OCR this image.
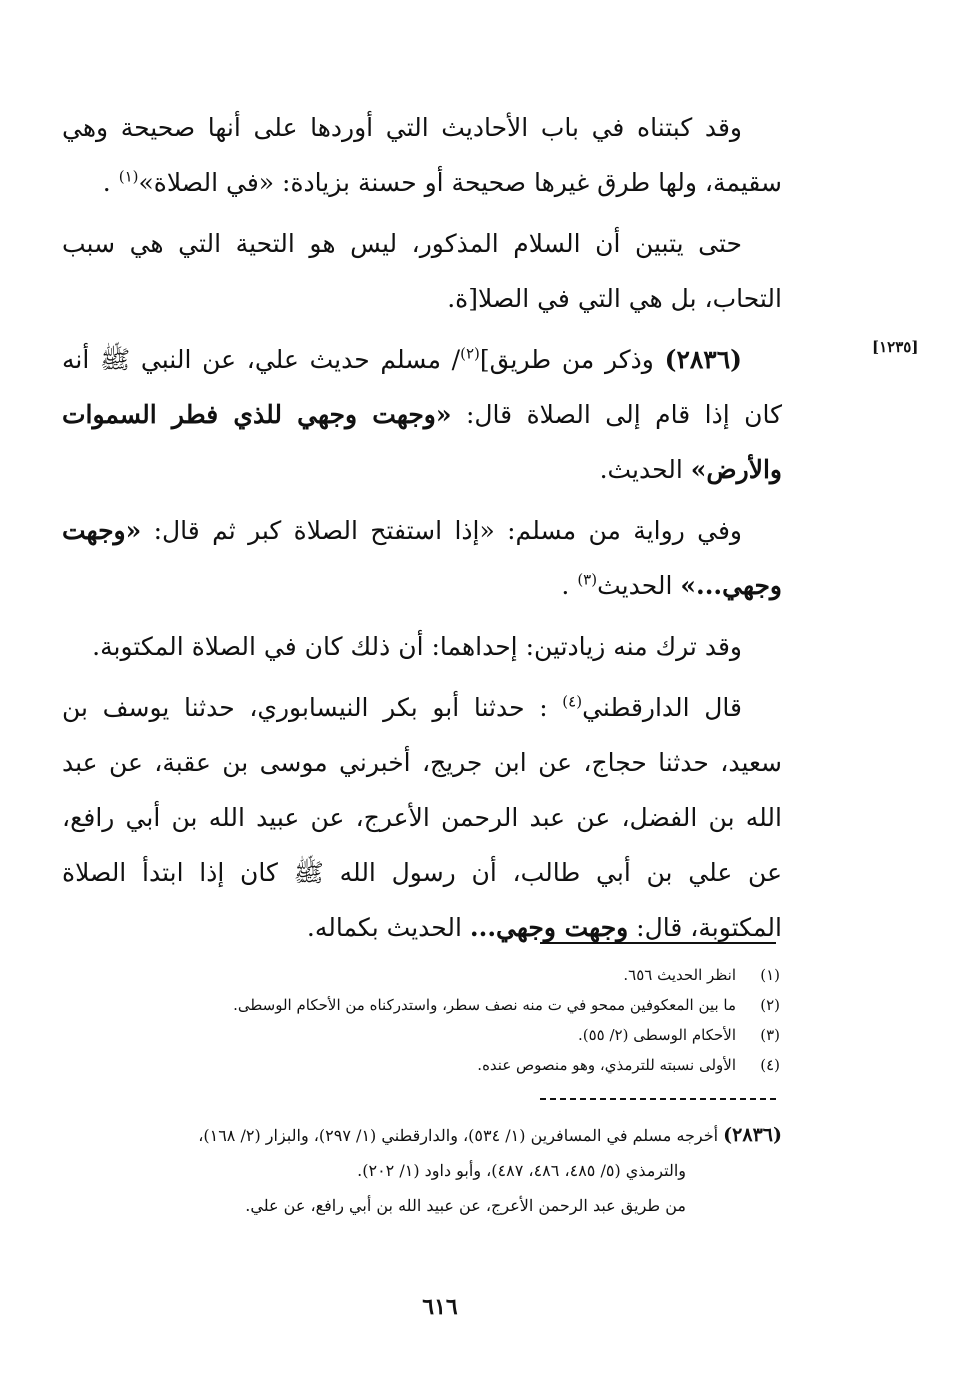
[١٢٣٥]

وقد كبتناه في باب الأحاديث التي أوردها على أنها صحيحة وهي سقيمة، ولها طرق غيرها صحيحة أو حسنة بزيادة: «في الصلاة»$^{(١)}$ .

حتى يتبين أن السلام المذكور، ليس هو التحية التي هي سبب التحاب، بل هي التي في الصلا[ة.

(٢٨٣٦) وذكر من طريق]$^{(٢)}$/ مسلم حديث علي، عن النبي ﷺ أنه كان إذا قام إلى الصلاة قال: «وجهت وجهي للذي فطر السموات والأرض» الحديث.

وفي رواية من مسلم: «إذا استفتح الصلاة كبر ثم قال: «وجهت وجهي...» الحديث$^{(٣)}$ .

وقد ترك منه زيادتين: إحداهما: أن ذلك كان في الصلاة المكتوبة.

قال الدارقطني$^{(٤)}$ : حدثنا أبو بكر النيسابوري، حدثنا يوسف بن سعيد، حدثنا حجاج، عن ابن جريج، أخبرني موسى بن عقبة، عن عبد الله بن الفضل، عن عبد الرحمن الأعرج، عن عبيد الله بن أبي رافع، عن علي بن أبي طالب، أن رسول الله ﷺ كان إذا ابتدأ الصلاة المكتوبة، قال: وجهت وجهي... الحديث بكماله.

(١)انظر الحديث ٦٥٦.
(٢)ما بين المعكوفين ممحو في ت منه نصف سطر، واستدركناه من الأحكام الوسطى.
(٣)الأحكام الوسطى (٢/ ٥٥).
(٤)الأولى نسبته للترمذي، وهو منصوص عنده.
(٢٨٣٦) أخرجه مسلم في المسافرين (١/ ٥٣٤)، والدارقطني (١/ ٢٩٧)، والبزار (٢/ ١٦٨)،
والترمذي (٥/ ٤٨٥، ٤٨٦، ٤٨٧)، وأبو داود (١/ ٢٠٢).
من طريق عبد الرحمن الأعرج، عن عبيد الله بن أبي رافع، عن علي.
٦١٦
